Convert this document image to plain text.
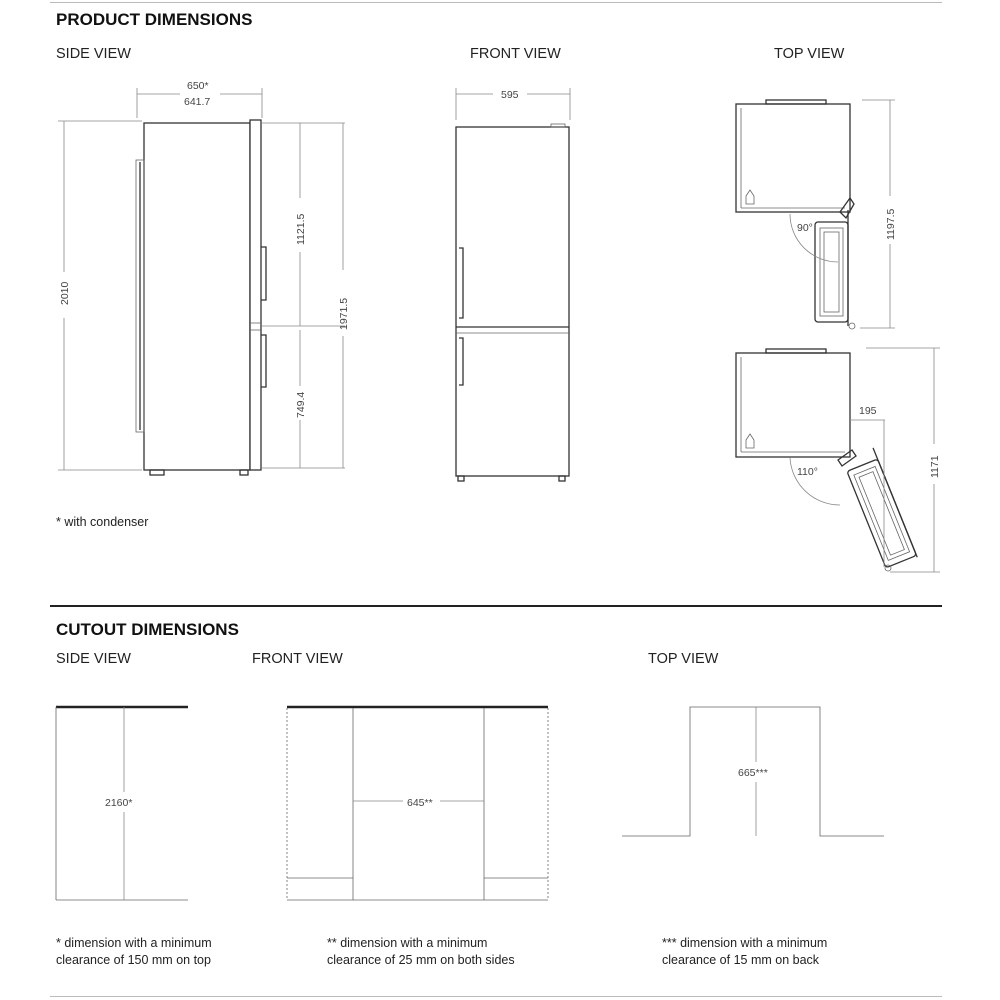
PRODUCT DIMENSIONS
SIDE VIEW	FRONT VIEW	TOP VIEW
CUTOUT DIMENSIONS
SIDE VIEW	FRONT VIEW	TOP VIEW
* with condenser
* dimension with a minimum clearance of 150 mm on top
** dimension with a minimum clearance of 25 mm on both sides
*** dimension with a minimum clearance of 15 mm on back
650*
641.7
2010
1121.5
1971.5
749.4
595
90°	1197.5
110°
195
1171
2160*	645**
665***
